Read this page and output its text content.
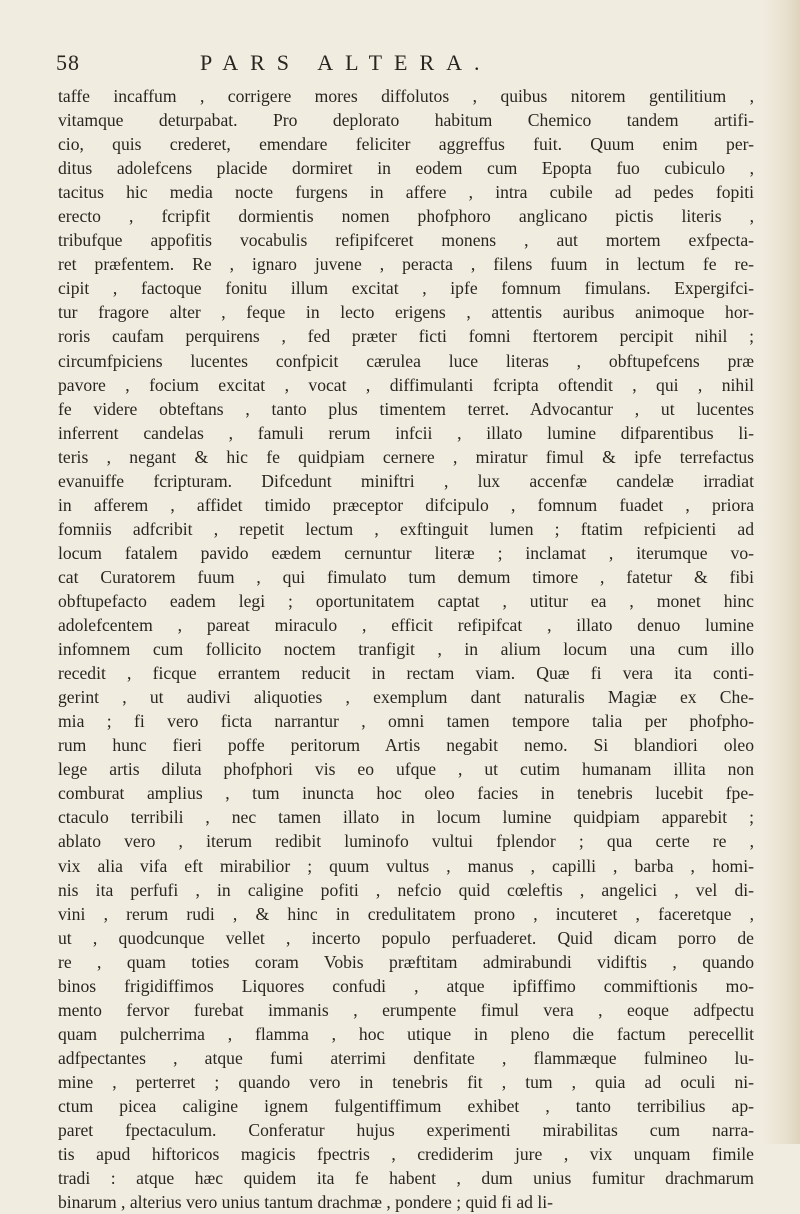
58	PARS ALTERA.
taffe incaffum , corrigere mores diffolutos , quibus nitorem gentilitium ,
vitamque deturpabat. Pro deplorato habitum Chemico tandem artifi-
cio, quis crederet, emendare feliciter aggreffus fuit. Quum enim per-
ditus adolefcens placide dormiret in eodem cum Epopta fuo cubiculo ,
tacitus hic media nocte furgens in affere , intra cubile ad pedes fopiti
erecto , fcripfit dormientis nomen phofphoro anglicano pictis literis ,
tribufque appofitis vocabulis refipifceret monens , aut mortem exfpecta-
ret præfentem. Re , ignaro juvene , peracta , filens fuum in lectum fe re-
cipit , factoque fonitu illum excitat , ipfe fomnum fimulans. Expergifci-
tur fragore alter , feque in lecto erigens , attentis auribus animoque hor-
roris caufam perquirens , fed præter ficti fomni ftertorem percipit nihil ;
circumfpiciens lucentes confpicit cærulea luce literas , obftupefcens præ
pavore , focium excitat , vocat , diffimulanti fcripta oftendit , qui , nihil
fe videre obteftans , tanto plus timentem terret. Advocantur , ut lucentes
inferrent candelas , famuli rerum infcii , illato lumine difparentibus li-
teris , negant & hic fe quidpiam cernere , miratur fimul & ipfe terrefactus
evanuiffe fcripturam. Difcedunt miniftri , lux accenfæ candelæ irradiat
in afferem , affidet timido præceptor difcipulo , fomnum fuadet , priora
fomniis adfcribit , repetit lectum , exftinguit lumen ; ftatim refpicienti ad
locum fatalem pavido eædem cernuntur literæ ; inclamat , iterumque vo-
cat Curatorem fuum , qui fimulato tum demum timore , fatetur & fibi
obftupefacto eadem legi ; oportunitatem captat , utitur ea , monet hinc
adolefcentem , pareat miraculo , efficit refipifcat , illato denuo lumine
infomnem cum follicito noctem tranfigit , in alium locum una cum illo
recedit , ficque errantem reducit in rectam viam. Quæ fi vera ita conti-
gerint , ut audivi aliquoties , exemplum dant naturalis Magiæ ex Che-
mia ; fi vero ficta narrantur , omni tamen tempore talia per phofpho-
rum hunc fieri poffe peritorum Artis negabit nemo. Si blandiori oleo
lege artis diluta phofphori vis eo ufque , ut cutim humanam illita non
comburat amplius , tum inuncta hoc oleo facies in tenebris lucebit fpe-
ctaculo terribili , nec tamen illato in locum lumine quidpiam apparebit ;
ablato vero , iterum redibit luminofo vultui fplendor ; qua certe re ,
vix alia vifa eft mirabilior ; quum vultus , manus , capilli , barba , homi-
nis ita perfufi , in caligine pofiti , nefcio quid cœleftis , angelici , vel di-
vini , rerum rudi , & hinc in credulitatem prono , incuteret , faceretque ,
ut , quodcunque vellet , incerto populo perfuaderet. Quid dicam porro de
re , quam toties coram Vobis præftitam admirabundi vidiftis , quando
binos frigidiffimos Liquores confudi , atque ipfiffimo commiftionis mo-
mento fervor furebat immanis , erumpente fimul vera , eoque adfpectu
quam pulcherrima , flamma , hoc utique in pleno die factum perecellit
adfpectantes , atque fumi aterrimi denfitate , flammæque fulmineo lu-
mine , perterret ; quando vero in tenebris fit , tum , quia ad oculi ni-
ctum picea caligine ignem fulgentiffimum exhibet , tanto terribilius ap-
paret fpectaculum. Conferatur hujus experimenti mirabilitas cum narra-
tis apud hiftoricos magicis fpectris , crediderim jure , vix unquam fimile
tradi : atque hæc quidem ita fe habent , dum unius fumitur drachmarum
binarum , alterius vero unius tantum drachmæ , pondere ; quid fi ad li-
